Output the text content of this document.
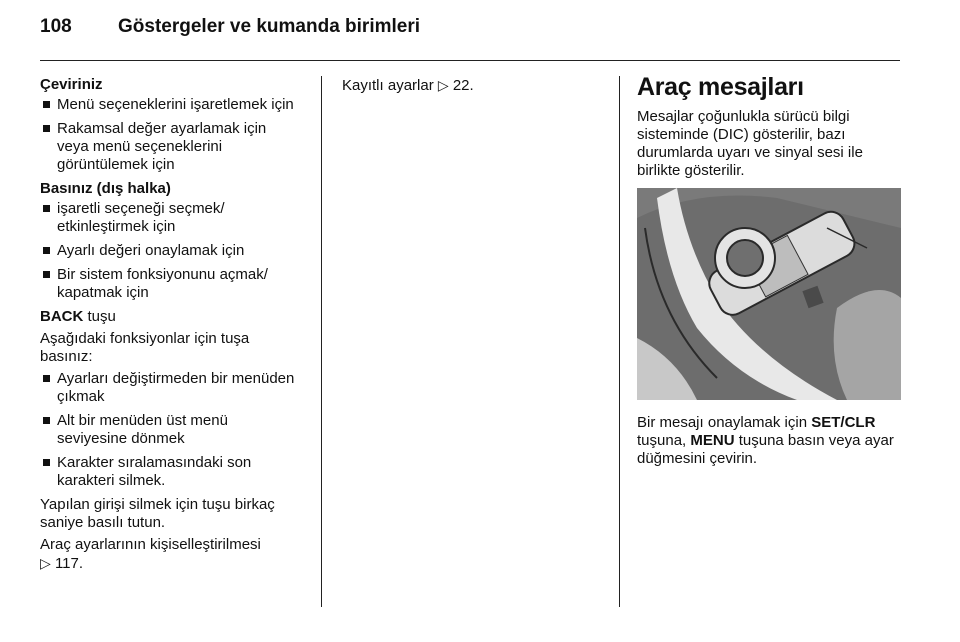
108 Göstergeler ve kumanda birimleri
Çeviriniz
Menü seçeneklerini işaretlemek için
Rakamsal değer ayarlamak için veya menü seçeneklerini görüntülemek için
Basınız (dış halka)
işaretli seçeneği seçmek/ etkinleştirmek için
Ayarlı değeri onaylamak için
Bir sistem fonksiyonunu açmak/ kapatmak için
BACK tuşu
Aşağıdaki fonksiyonlar için tuşa basınız:
Ayarları değiştirmeden bir menüden çıkmak
Alt bir menüden üst menü seviyesine dönmek
Karakter sıralamasındaki son karakteri silmek.
Yapılan girişi silmek için tuşu birkaç saniye basılı tutun.
Araç ayarlarının kişiselleştirilmesi
▷ 117.
Kayıtlı ayarlar ▷ 22.	Araç mesajları
Mesajlar çoğunlukla sürücü bilgi sisteminde (DIC) gösterilir, bazı durumlarda uyarı ve sinyal sesi ile birlikte gösterilir.
Bir mesajı onaylamak için SET/CLR tuşuna, MENU tuşuna basın veya ayar düğmesini çevirin.
